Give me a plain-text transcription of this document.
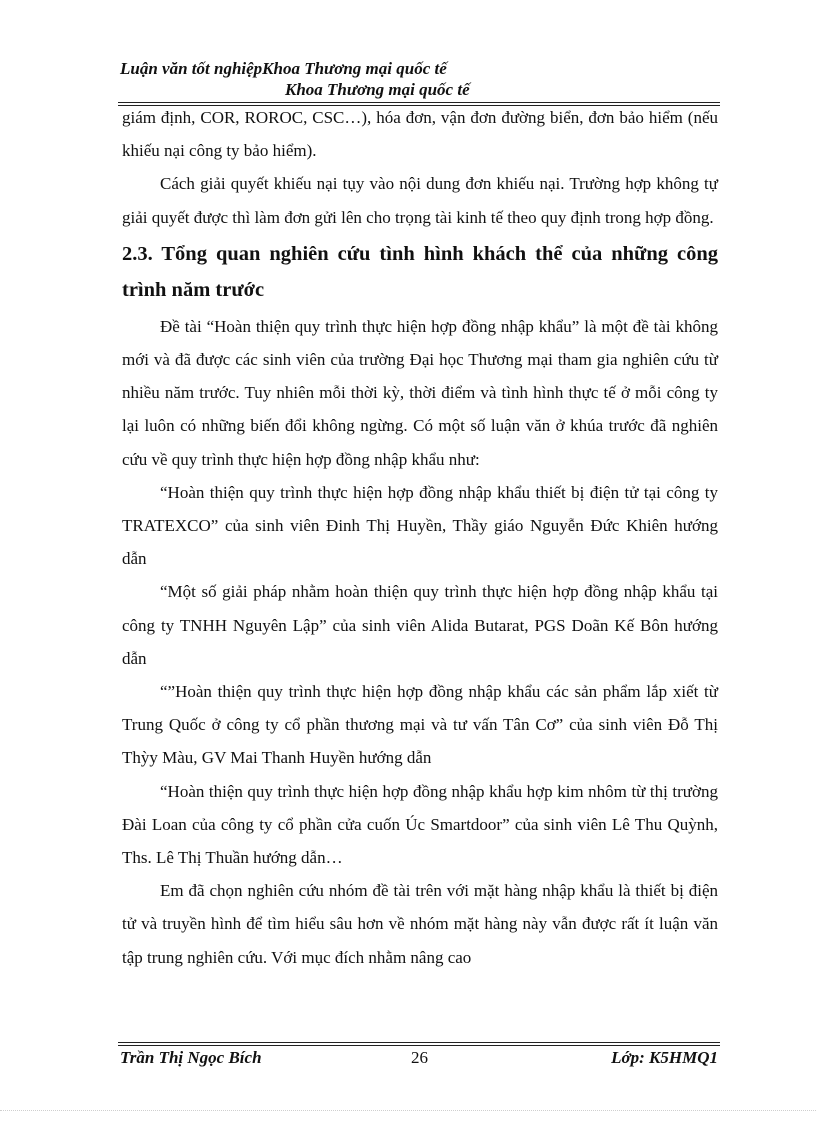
Luận văn tốt nghiệpKhoa Thương mại quốc tế
Khoa Thương mại quốc tế

giám định, COR, ROROC, CSC…), hóa đơn, vận đơn đường biển, đơn bảo hiểm (nếu khiếu nại công ty bảo hiểm).

Cách giải quyết khiếu nại tụy vào nội dung đơn khiếu nại. Trường hợp không tự giải quyết được thì làm đơn gửi lên cho trọng tài kinh tế theo quy định trong hợp đồng.

2.3. Tổng quan nghiên cứu tình hình khách thể của những công trình năm trước

Đề tài “Hoàn thiện quy trình thực hiện hợp đồng nhập khẩu” là một đề tài không mới và đã được các sinh viên của trường Đại học Thương mại tham gia nghiên cứu từ nhiều năm trước. Tuy nhiên mỗi thời kỳ, thời điểm và tình hình thực tế ở mỗi công ty lại luôn có những biến đổi không ngừng. Có một số luận văn ở khúa trước đã nghiên cứu về quy trình thực hiện hợp đồng nhập khẩu như:

“Hoàn thiện quy trình thực hiện hợp đồng nhập khẩu thiết bị điện tử tại công ty TRATEXCO” của sinh viên Đinh Thị Huyền, Thầy giáo Nguyễn Đức Khiên hướng dẫn

“Một số giải pháp nhằm hoàn thiện quy trình thực hiện hợp đồng nhập khẩu tại công ty TNHH Nguyên Lập” của sinh viên Alida Butarat, PGS Doãn Kế Bôn hướng dẫn

“”Hoàn thiện quy trình thực hiện hợp đồng nhập khẩu các sản phẩm lắp xiết từ Trung Quốc ở công ty cổ phần thương mại và tư vấn Tân Cơ” của sinh viên Đỗ Thị Thỳy Màu, GV Mai Thanh Huyền hướng dẫn

“Hoàn thiện quy trình thực hiện hợp đồng nhập khẩu hợp kim nhôm từ thị trường Đài Loan của công ty cổ phần cửa cuốn Úc Smartdoor” của sinh viên Lê Thu Quỳnh, Ths. Lê Thị Thuần hướng dẫn…

Em đã chọn nghiên cứu nhóm đề tài trên với mặt hàng nhập khẩu là thiết bị điện tử và truyền hình để tìm hiểu sâu hơn về nhóm mặt hàng này vẫn được rất ít luận văn tập trung nghiên cứu. Với mục đích nhằm nâng cao

Trần Thị Ngọc Bích	26	Lớp: K5HMQ1
